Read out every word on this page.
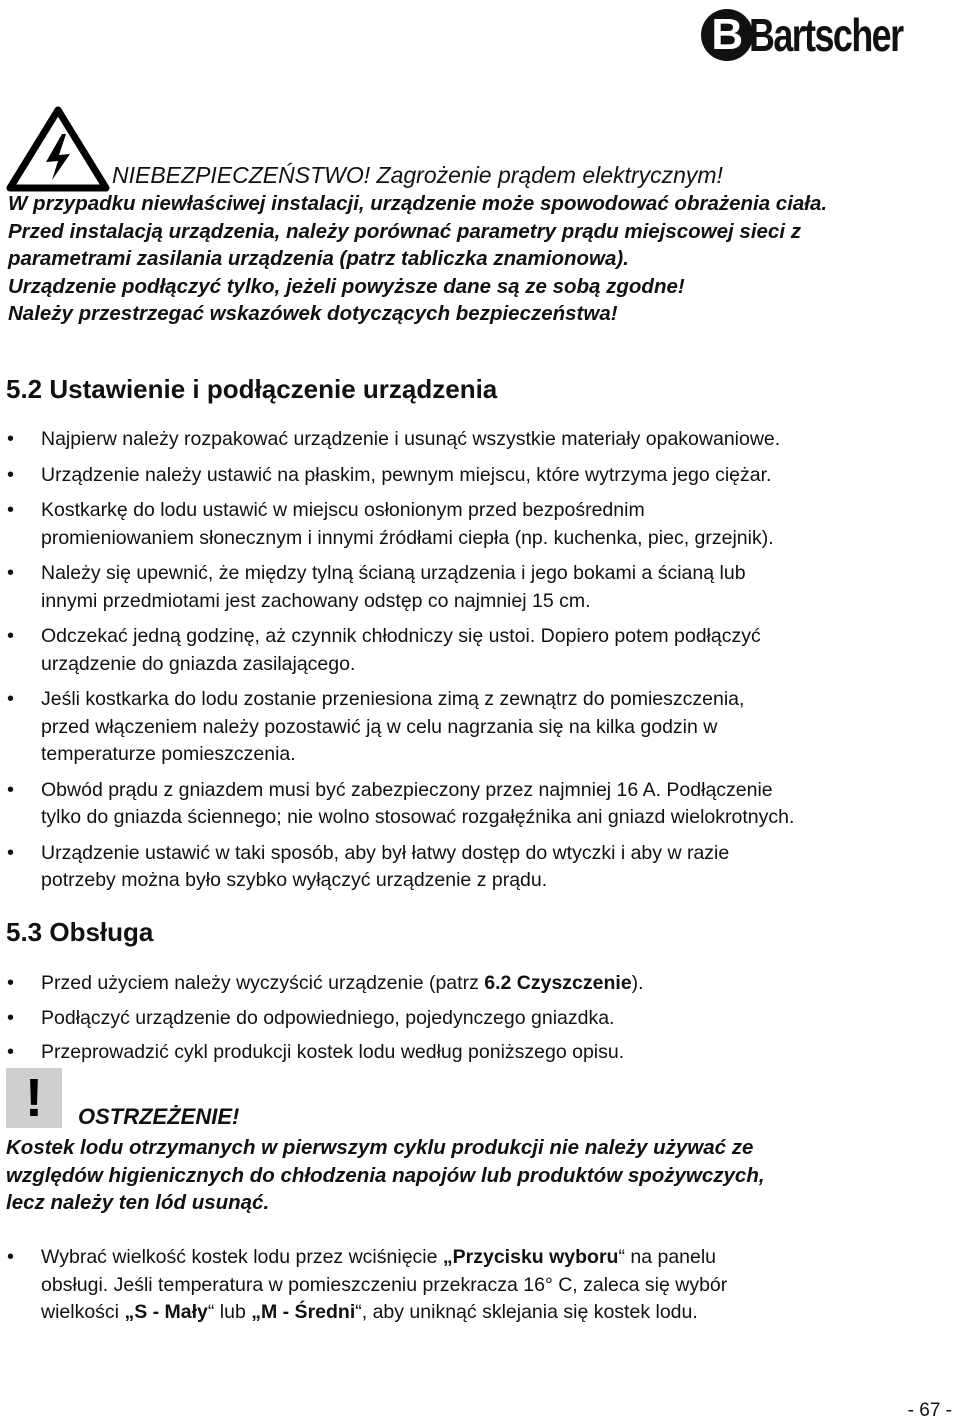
B Bartscher
NIEBEZPIECZEŃSTWO! Zagrożenie prądem elektrycznym!
W przypadku niewłaściwej instalacji, urządzenie może spowodować obrażenia ciała.
Przed instalacją urządzenia, należy porównać parametry prądu miejscowej sieci z
parametrami zasilania urządzenia (patrz tabliczka znamionowa).
Urządzenie podłączyć tylko, jeżeli powyższe dane są ze sobą zgodne!
Należy przestrzegać wskazówek dotyczących bezpieczeństwa!
5.2 Ustawienie i podłączenie urządzenia
• Najpierw należy rozpakować urządzenie i usunąć wszystkie materiały opakowaniowe.
• Urządzenie należy ustawić na płaskim, pewnym miejscu, które wytrzyma jego ciężar.
• Kostkarkę do lodu ustawić w miejscu osłonionym przed bezpośrednim
promieniowaniem słonecznym i innymi źródłami ciepła (np. kuchenka, piec, grzejnik).
• Należy się upewnić, że między tylną ścianą urządzenia i jego bokami a ścianą lub
innymi przedmiotami jest zachowany odstęp co najmniej 15 cm.
• Odczekać jedną godzinę, aż czynnik chłodniczy się ustoi. Dopiero potem podłączyć
urządzenie do gniazda zasilającego.
• Jeśli kostkarka do lodu zostanie przeniesiona zimą z zewnątrz do pomieszczenia,
przed włączeniem należy pozostawić ją w celu nagrzania się na kilka godzin w
temperaturze pomieszczenia.
• Obwód prądu z gniazdem musi być zabezpieczony przez najmniej 16 A. Podłączenie
tylko do gniazda ściennego; nie wolno stosować rozgałęźnika ani gniazd wielokrotnych.
• Urządzenie ustawić w taki sposób, aby był łatwy dostęp do wtyczki i aby w razie
potrzeby można było szybko wyłączyć urządzenie z prądu.
5.3 Obsługa
• Przed użyciem należy wyczyścić urządzenie (patrz 6.2 Czyszczenie).
• Podłączyć urządzenie do odpowiedniego, pojedynczego gniazdka.
• Przeprowadzić cykl produkcji kostek lodu według poniższego opisu.
!	OSTRZEŻENIE!
Kostek lodu otrzymanych w pierwszym cyklu produkcji nie należy używać ze
względów higienicznych do chłodzenia napojów lub produktów spożywczych,
lecz należy ten lód usunąć.
• Wybrać wielkość kostek lodu przez wciśnięcie „Przycisku wyboru“ na panelu
obsługi. Jeśli temperatura w pomieszczeniu przekracza 16° C, zaleca się wybór
wielkości „S - Mały“ lub „M - Średni“, aby uniknąć sklejania się kostek lodu.
- 67 -
